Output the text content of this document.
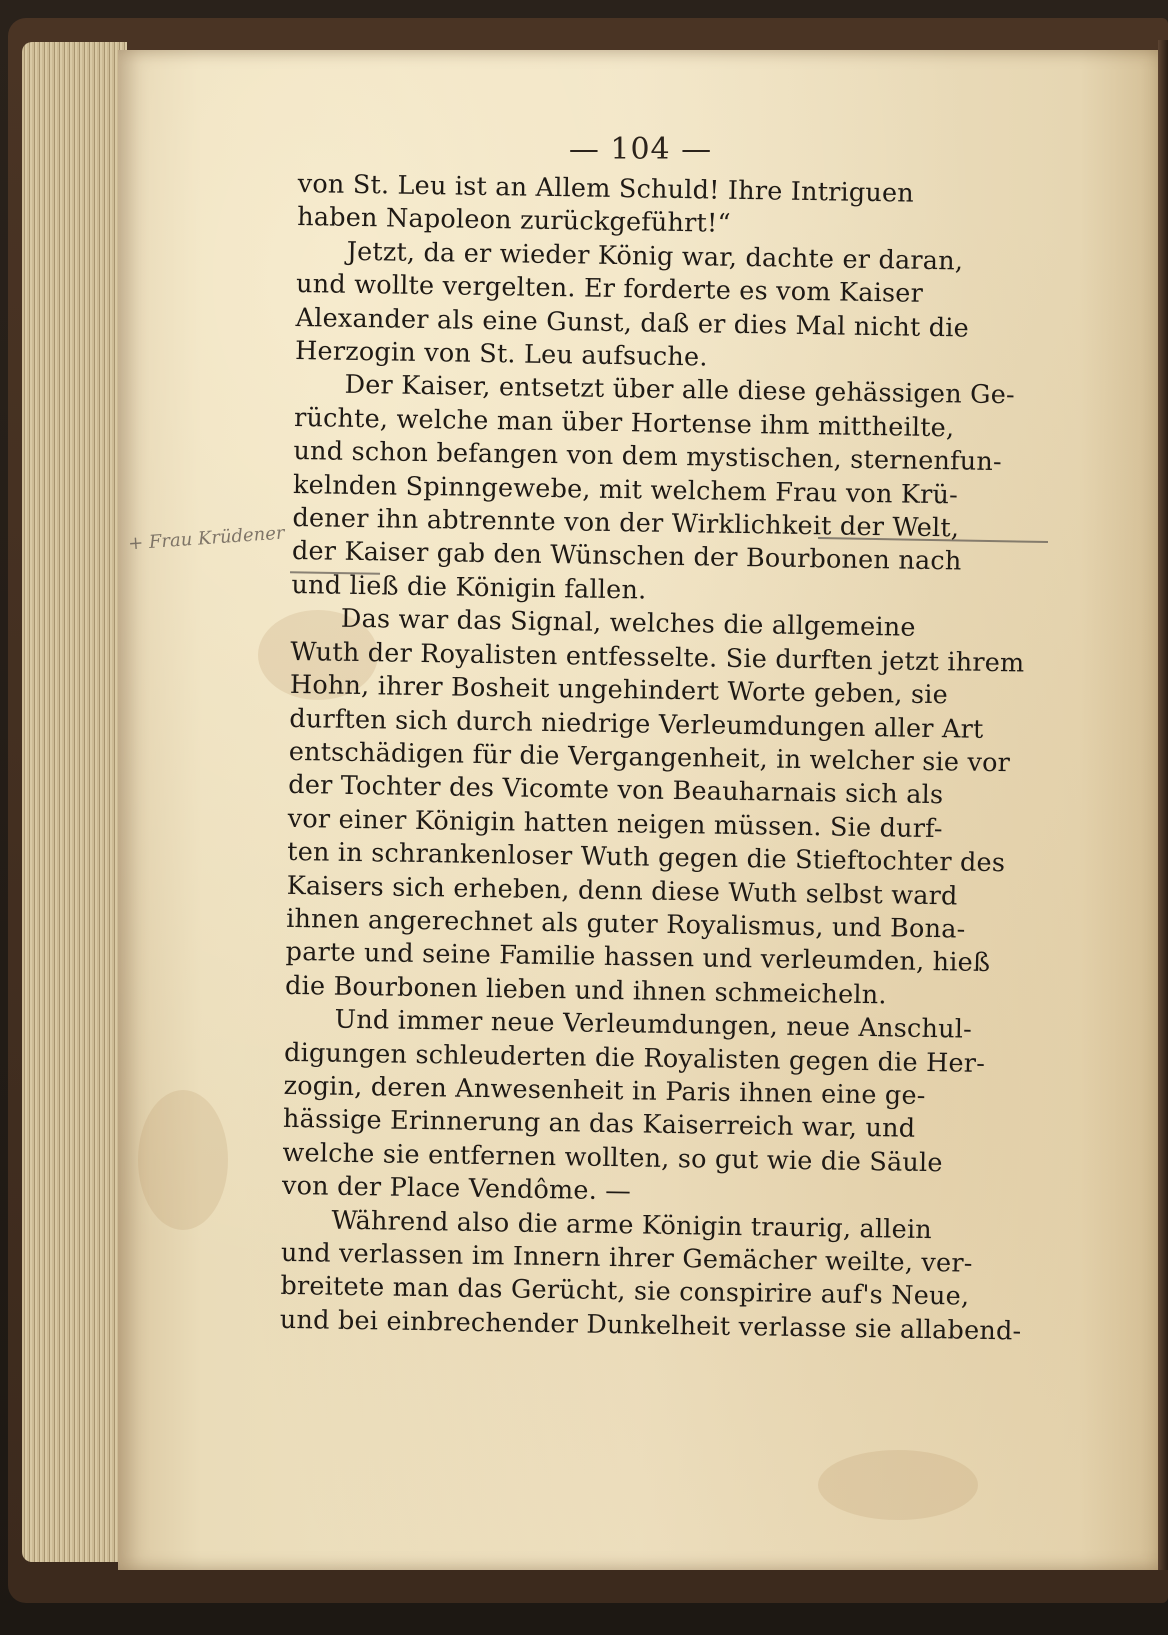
— 104 —
+ Frau Krüdener
von St. Leu ist an Allem Schuld! Ihre Intriguen
haben Napoleon zurückgeführt!“
Jetzt, da er wieder König war, dachte er daran,
und wollte vergelten. Er forderte es vom Kaiser
Alexander als eine Gunst, daß er dies Mal nicht die
Herzogin von St. Leu aufsuche.
Der Kaiser, entsetzt über alle diese gehässigen Ge-
rüchte, welche man über Hortense ihm mittheilte,
und schon befangen von dem mystischen, sternenfun-
kelnden Spinngewebe, mit welchem Frau von Krü-
dener ihn abtrennte von der Wirklichkeit der Welt,
der Kaiser gab den Wünschen der Bourbonen nach
und ließ die Königin fallen.
Das war das Signal, welches die allgemeine
Wuth der Royalisten entfesselte. Sie durften jetzt ihrem
Hohn, ihrer Bosheit ungehindert Worte geben, sie
durften sich durch niedrige Verleumdungen aller Art
entschädigen für die Vergangenheit, in welcher sie vor
der Tochter des Vicomte von Beauharnais sich als
vor einer Königin hatten neigen müssen. Sie durf-
ten in schrankenloser Wuth gegen die Stieftochter des
Kaisers sich erheben, denn diese Wuth selbst ward
ihnen angerechnet als guter Royalismus, und Bona-
parte und seine Familie hassen und verleumden, hieß
die Bourbonen lieben und ihnen schmeicheln.
Und immer neue Verleumdungen, neue Anschul-
digungen schleuderten die Royalisten gegen die Her-
zogin, deren Anwesenheit in Paris ihnen eine ge-
hässige Erinnerung an das Kaiserreich war, und
welche sie entfernen wollten, so gut wie die Säule
von der Place Vendôme. —
Während also die arme Königin traurig, allein
und verlassen im Innern ihrer Gemächer weilte, ver-
breitete man das Gerücht, sie conspirire auf's Neue,
und bei einbrechender Dunkelheit verlasse sie allabend-
